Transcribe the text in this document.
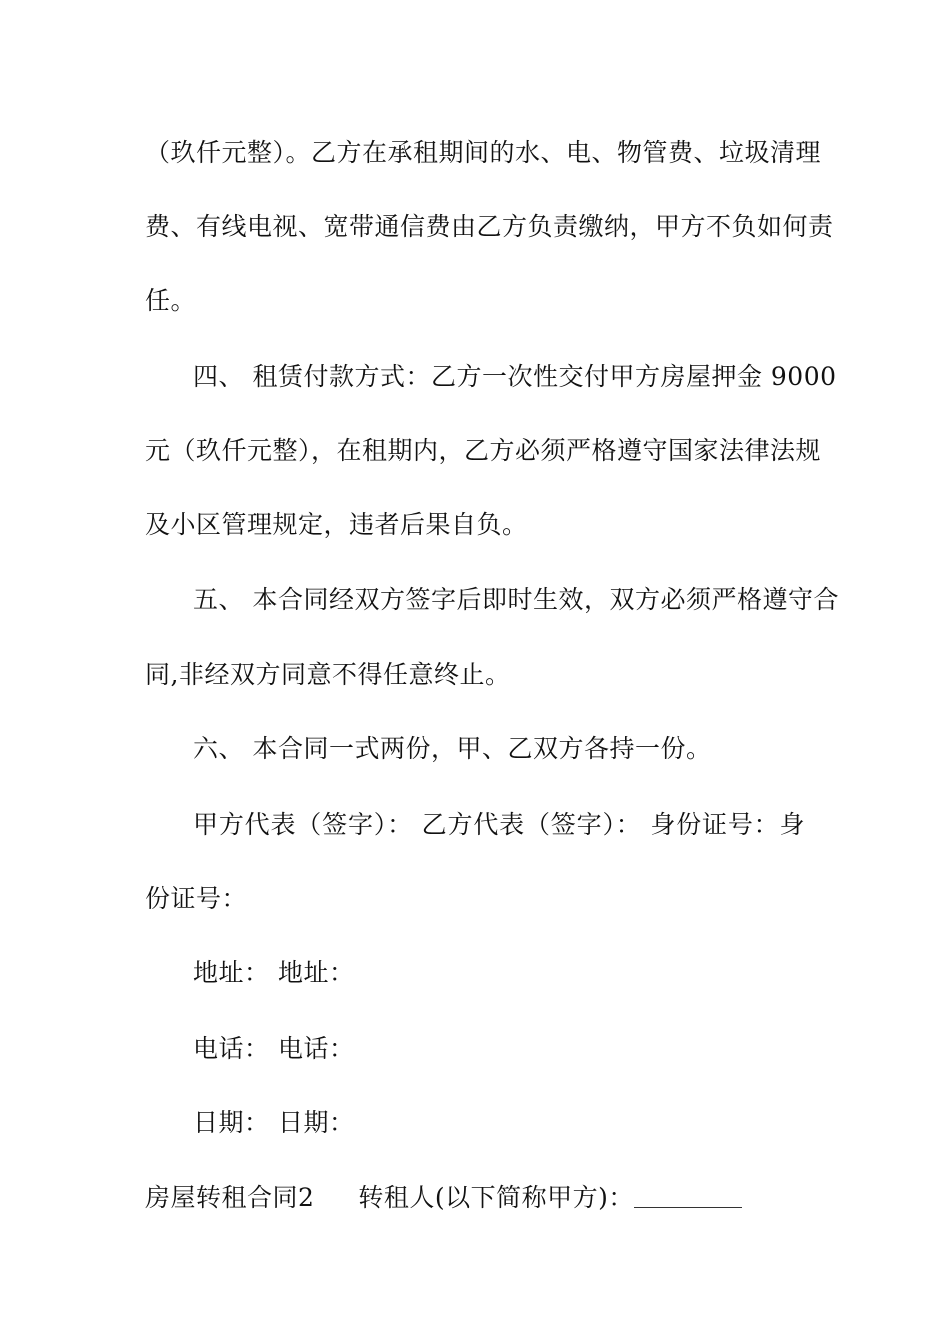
（玖仟元整）。乙方在承租期间的水、电、物管费、垃圾清理
费、有线电视、宽带通信费由乙方负责缴纳，甲方不负如何责
任。
四、 租赁付款方式：乙方一次性交付甲方房屋押金 9000
元（玖仟元整），在租期内，乙方必须严格遵守国家法律法规
及小区管理规定，违者后果自负。
五、 本合同经双方签字后即时生效，双方必须严格遵守合
同,非经双方同意不得任意终止。
六、 本合同一式两份，甲、乙双方各持一份。
甲方代表（签字）： 乙方代表（签字）： 身份证号：身
份证号：
地址： 地址：
电话： 电话：
日期： 日期：
房屋转租合同2 转租人(以下简称甲方)：
